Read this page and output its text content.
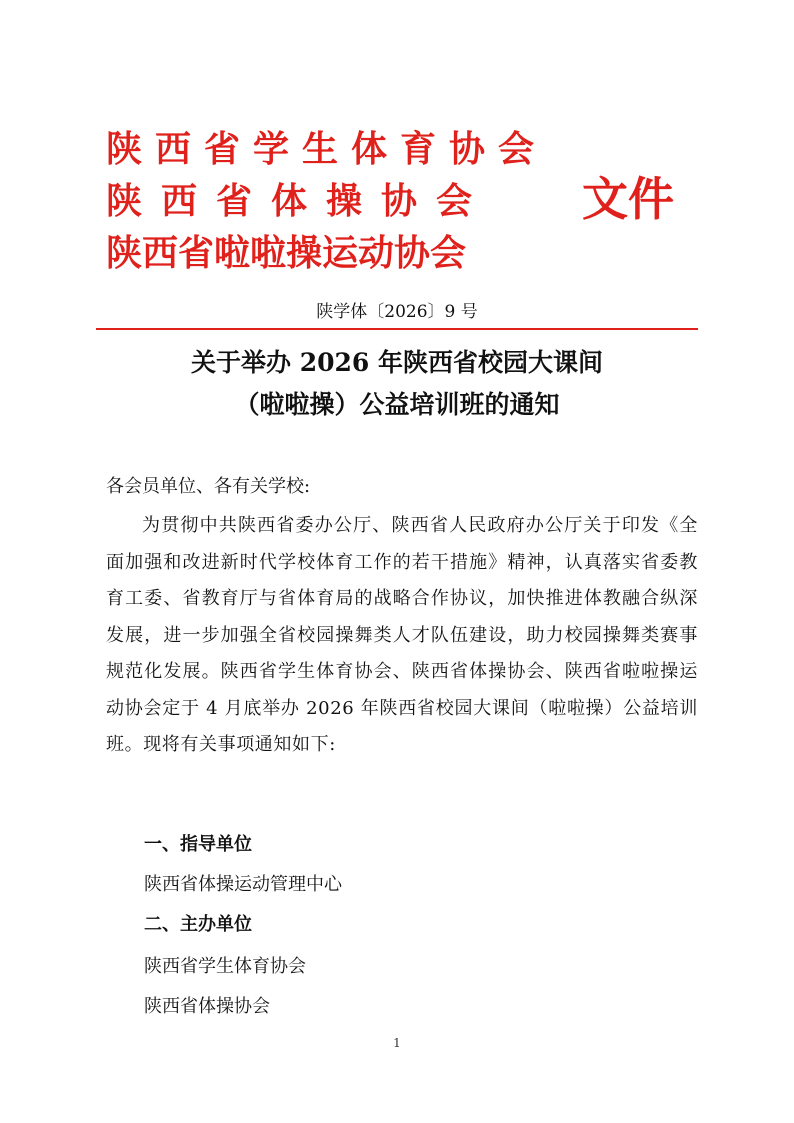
陕西省学生体育协会
陕西省体操协会
陕西省啦啦操运动协会
文件
陕学体〔2026〕9 号
关于举办 2026 年陕西省校园大课间
（啦啦操）公益培训班的通知
各会员单位、各有关学校:
为贯彻中共陕西省委办公厅、陕西省人民政府办公厅关于印发《全面加强和改进新时代学校体育工作的若干措施》精神，认真落实省委教育工委、省教育厅与省体育局的战略合作协议，加快推进体教融合纵深发展，进一步加强全省校园操舞类人才队伍建设，助力校园操舞类赛事规范化发展。陕西省学生体育协会、陕西省体操协会、陕西省啦啦操运动协会定于 4 月底举办 2026 年陕西省校园大课间（啦啦操）公益培训班。现将有关事项通知如下:
一、指导单位
陕西省体操运动管理中心
二、主办单位
陕西省学生体育协会
陕西省体操协会
1
